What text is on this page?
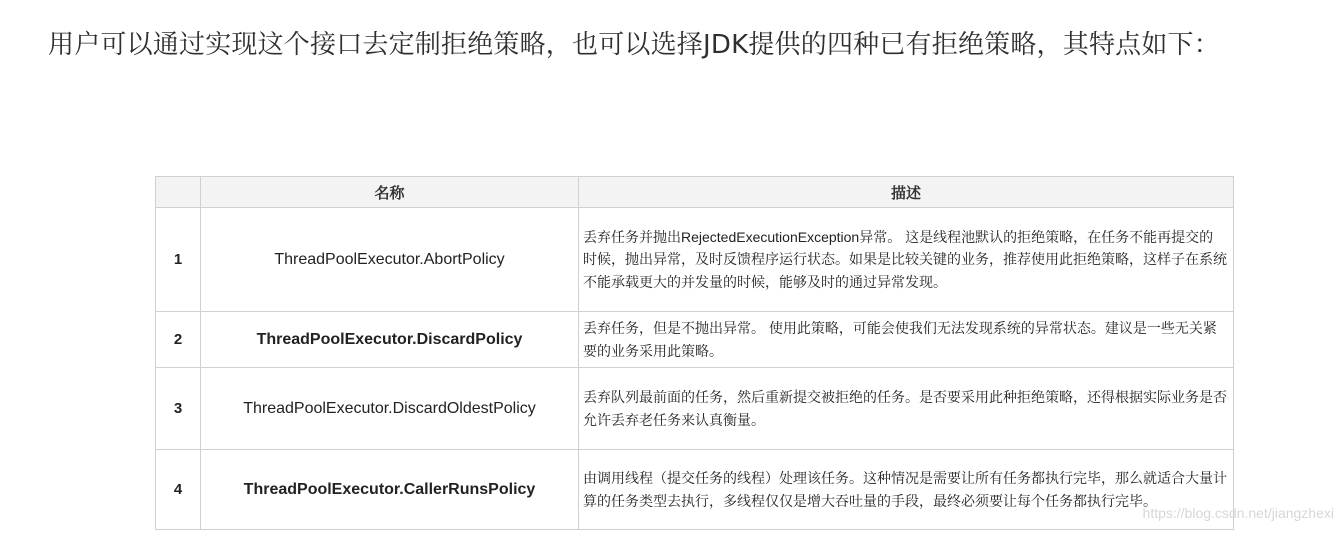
用户可以通过实现这个接口去定制拒绝策略，也可以选择JDK提供的四种已有拒绝策略，其特点如下：

	名称	描述
1	ThreadPoolExecutor.AbortPolicy	丢弃任务并抛出RejectedExecutionException异常。 这是线程池默认的拒绝策略，在任务不能再提交的时候，抛出异常，及时反馈程序运行状态。如果是比较关键的业务，推荐使用此拒绝策略，这样子在系统不能承载更大的并发量的时候，能够及时的通过异常发现。
2	ThreadPoolExecutor.DiscardPolicy	丢弃任务，但是不抛出异常。 使用此策略，可能会使我们无法发现系统的异常状态。建议是一些无关紧要的业务采用此策略。
3	ThreadPoolExecutor.DiscardOldestPolicy	丢弃队列最前面的任务，然后重新提交被拒绝的任务。是否要采用此种拒绝策略，还得根据实际业务是否允许丢弃老任务来认真衡量。
4	ThreadPoolExecutor.CallerRunsPolicy	由调用线程（提交任务的线程）处理该任务。这种情况是需要让所有任务都执行完毕，那么就适合大量计算的任务类型去执行，多线程仅仅是增大吞吐量的手段，最终必须要让每个任务都执行完毕。
https://blog.csdn.net/jiangzhexi
